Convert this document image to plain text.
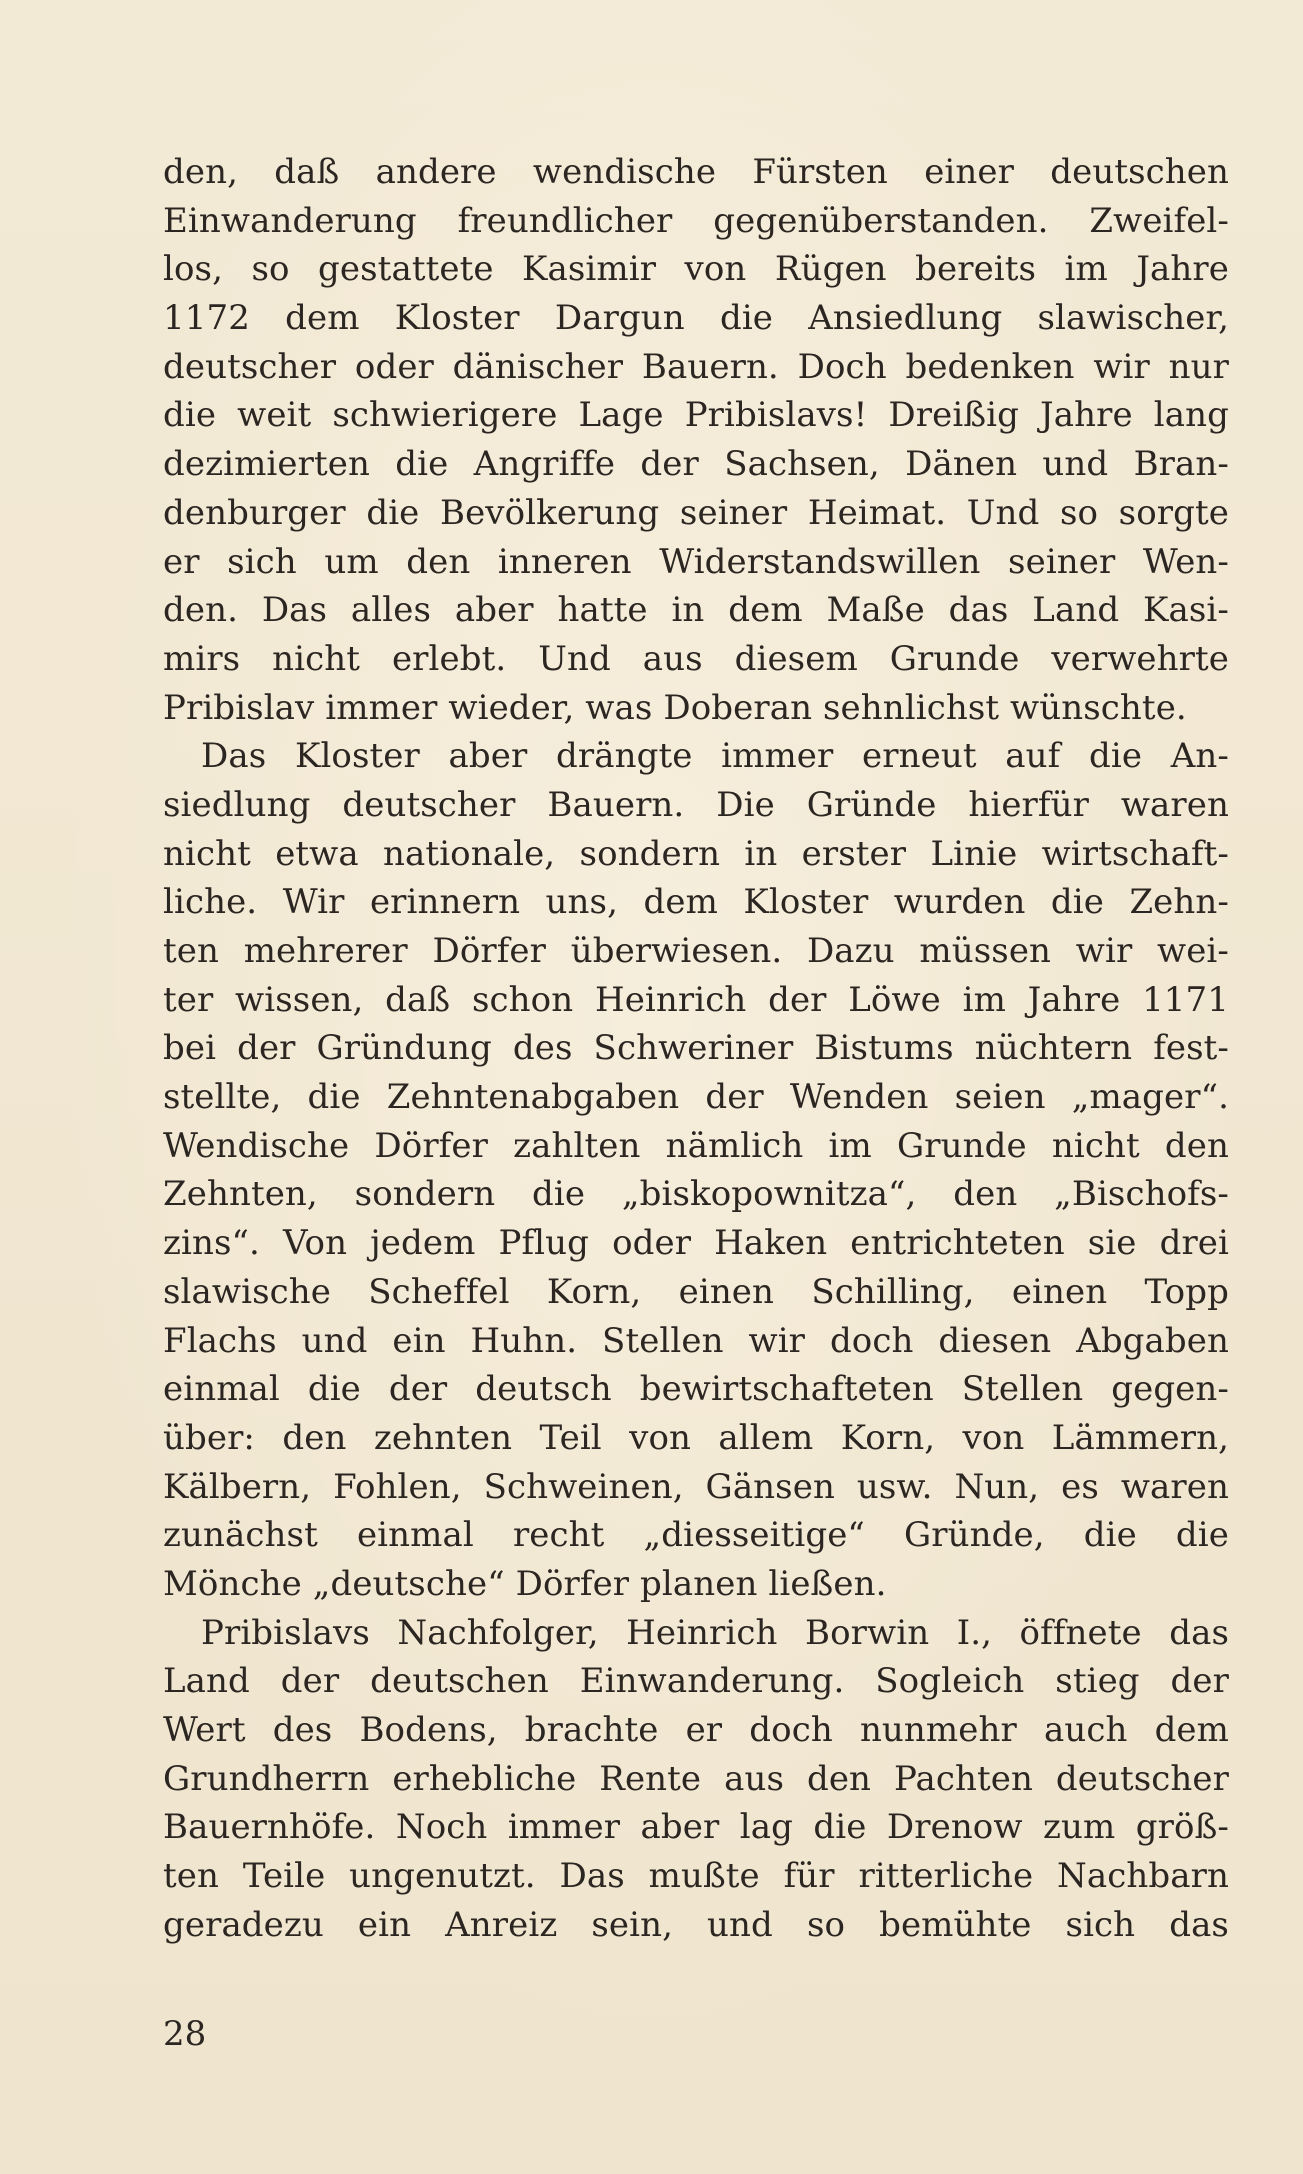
den, daß andere wendische Fürsten einer deutschen
Einwanderung freundlicher gegenüberstanden. Zweifel-
los, so gestattete Kasimir von Rügen bereits im Jahre
1172 dem Kloster Dargun die Ansiedlung slawischer,
deutscher oder dänischer Bauern. Doch bedenken wir nur
die weit schwierigere Lage Pribislavs! Dreißig Jahre lang
dezimierten die Angriffe der Sachsen, Dänen und Bran-
denburger die Bevölkerung seiner Heimat. Und so sorgte
er sich um den inneren Widerstandswillen seiner Wen-
den. Das alles aber hatte in dem Maße das Land Kasi-
mirs nicht erlebt. Und aus diesem Grunde verwehrte
Pribislav immer wieder, was Doberan sehnlichst wünschte.
Das Kloster aber drängte immer erneut auf die An-
siedlung deutscher Bauern. Die Gründe hierfür waren
nicht etwa nationale, sondern in erster Linie wirtschaft-
liche. Wir erinnern uns, dem Kloster wurden die Zehn-
ten mehrerer Dörfer überwiesen. Dazu müssen wir wei-
ter wissen, daß schon Heinrich der Löwe im Jahre 1171
bei der Gründung des Schweriner Bistums nüchtern fest-
stellte, die Zehntenabgaben der Wenden seien „mager“.
Wendische Dörfer zahlten nämlich im Grunde nicht den
Zehnten, sondern die „biskopownitza“, den „Bischofs-
zins“. Von jedem Pflug oder Haken entrichteten sie drei
slawische Scheffel Korn, einen Schilling, einen Topp
Flachs und ein Huhn. Stellen wir doch diesen Abgaben
einmal die der deutsch bewirtschafteten Stellen gegen-
über: den zehnten Teil von allem Korn, von Lämmern,
Kälbern, Fohlen, Schweinen, Gänsen usw. Nun, es waren
zunächst einmal recht „diesseitige“ Gründe, die die
Mönche „deutsche“ Dörfer planen ließen.
Pribislavs Nachfolger, Heinrich Borwin I., öffnete das
Land der deutschen Einwanderung. Sogleich stieg der
Wert des Bodens, brachte er doch nunmehr auch dem
Grundherrn erhebliche Rente aus den Pachten deutscher
Bauernhöfe. Noch immer aber lag die Drenow zum größ-
ten Teile ungenutzt. Das mußte für ritterliche Nachbarn
geradezu ein Anreiz sein, und so bemühte sich das
28
